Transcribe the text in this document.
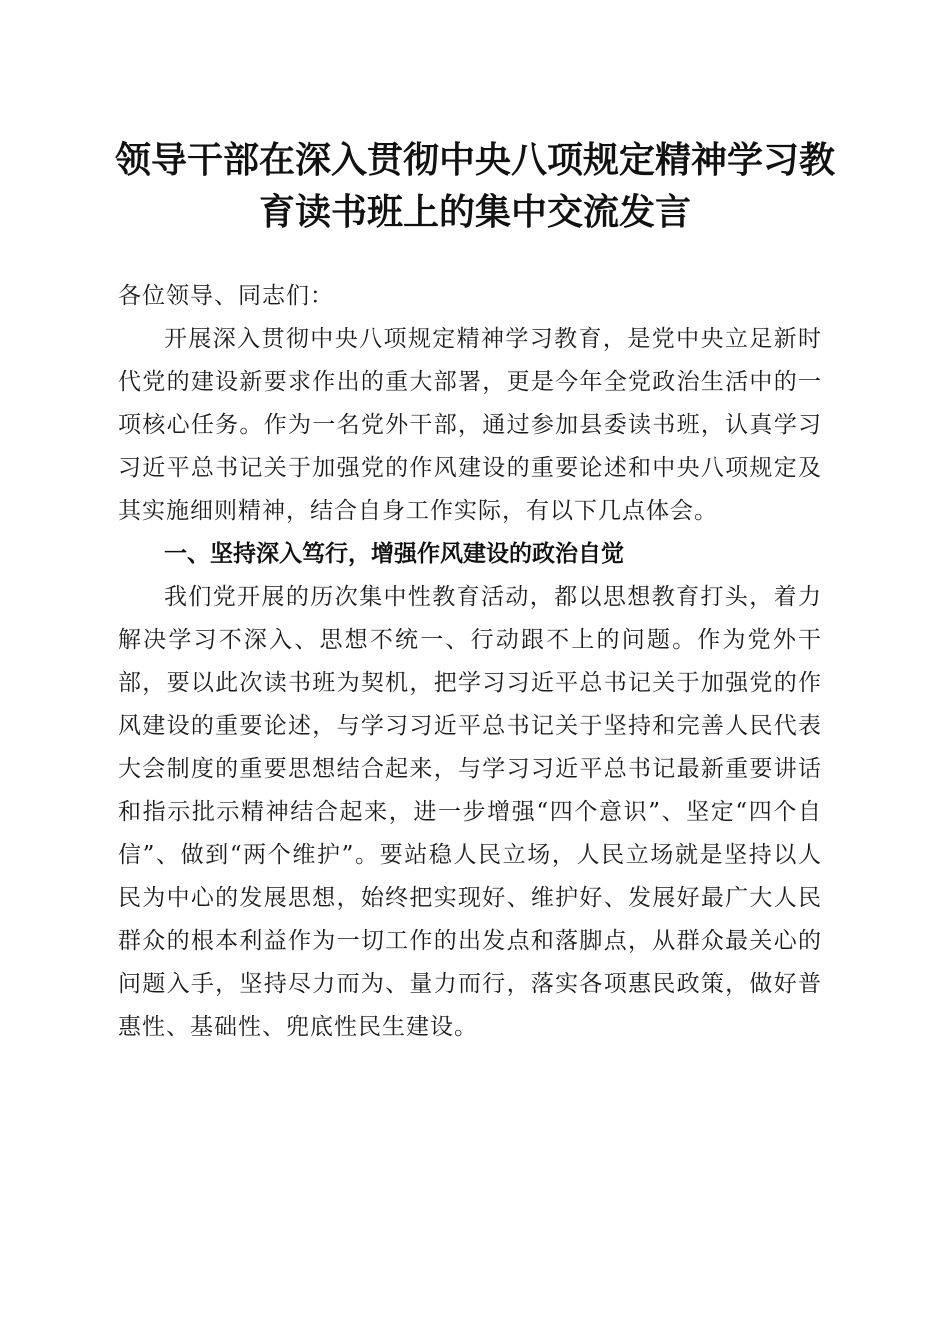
领导干部在深入贯彻中央八项规定精神学习教
育读书班上的集中交流发言

各位领导、同志们：

开展深入贯彻中央八项规定精神学习教育，是党中央立足新时代党的建设新要求作出的重大部署，更是今年全党政治生活中的一项核心任务。作为一名党外干部，通过参加县委读书班，认真学习习近平总书记关于加强党的作风建设的重要论述和中央八项规定及其实施细则精神，结合自身工作实际，有以下几点体会。

一、坚持深入笃行，增强作风建设的政治自觉

我们党开展的历次集中性教育活动，都以思想教育打头，着力解决学习不深入、思想不统一、行动跟不上的问题。作为党外干部，要以此次读书班为契机，把学习习近平总书记关于加强党的作风建设的重要论述，与学习习近平总书记关于坚持和完善人民代表大会制度的重要思想结合起来，与学习习近平总书记最新重要讲话和指示批示精神结合起来，进一步增强“四个意识”、坚定“四个自信”、做到“两个维护”。要站稳人民立场，人民立场就是坚持以人民为中心的发展思想，始终把实现好、维护好、发展好最广大人民群众的根本利益作为一切工作的出发点和落脚点，从群众最关心的问题入手，坚持尽力而为、量力而行，落实各项惠民政策，做好普惠性、基础性、兜底性民生建设。
